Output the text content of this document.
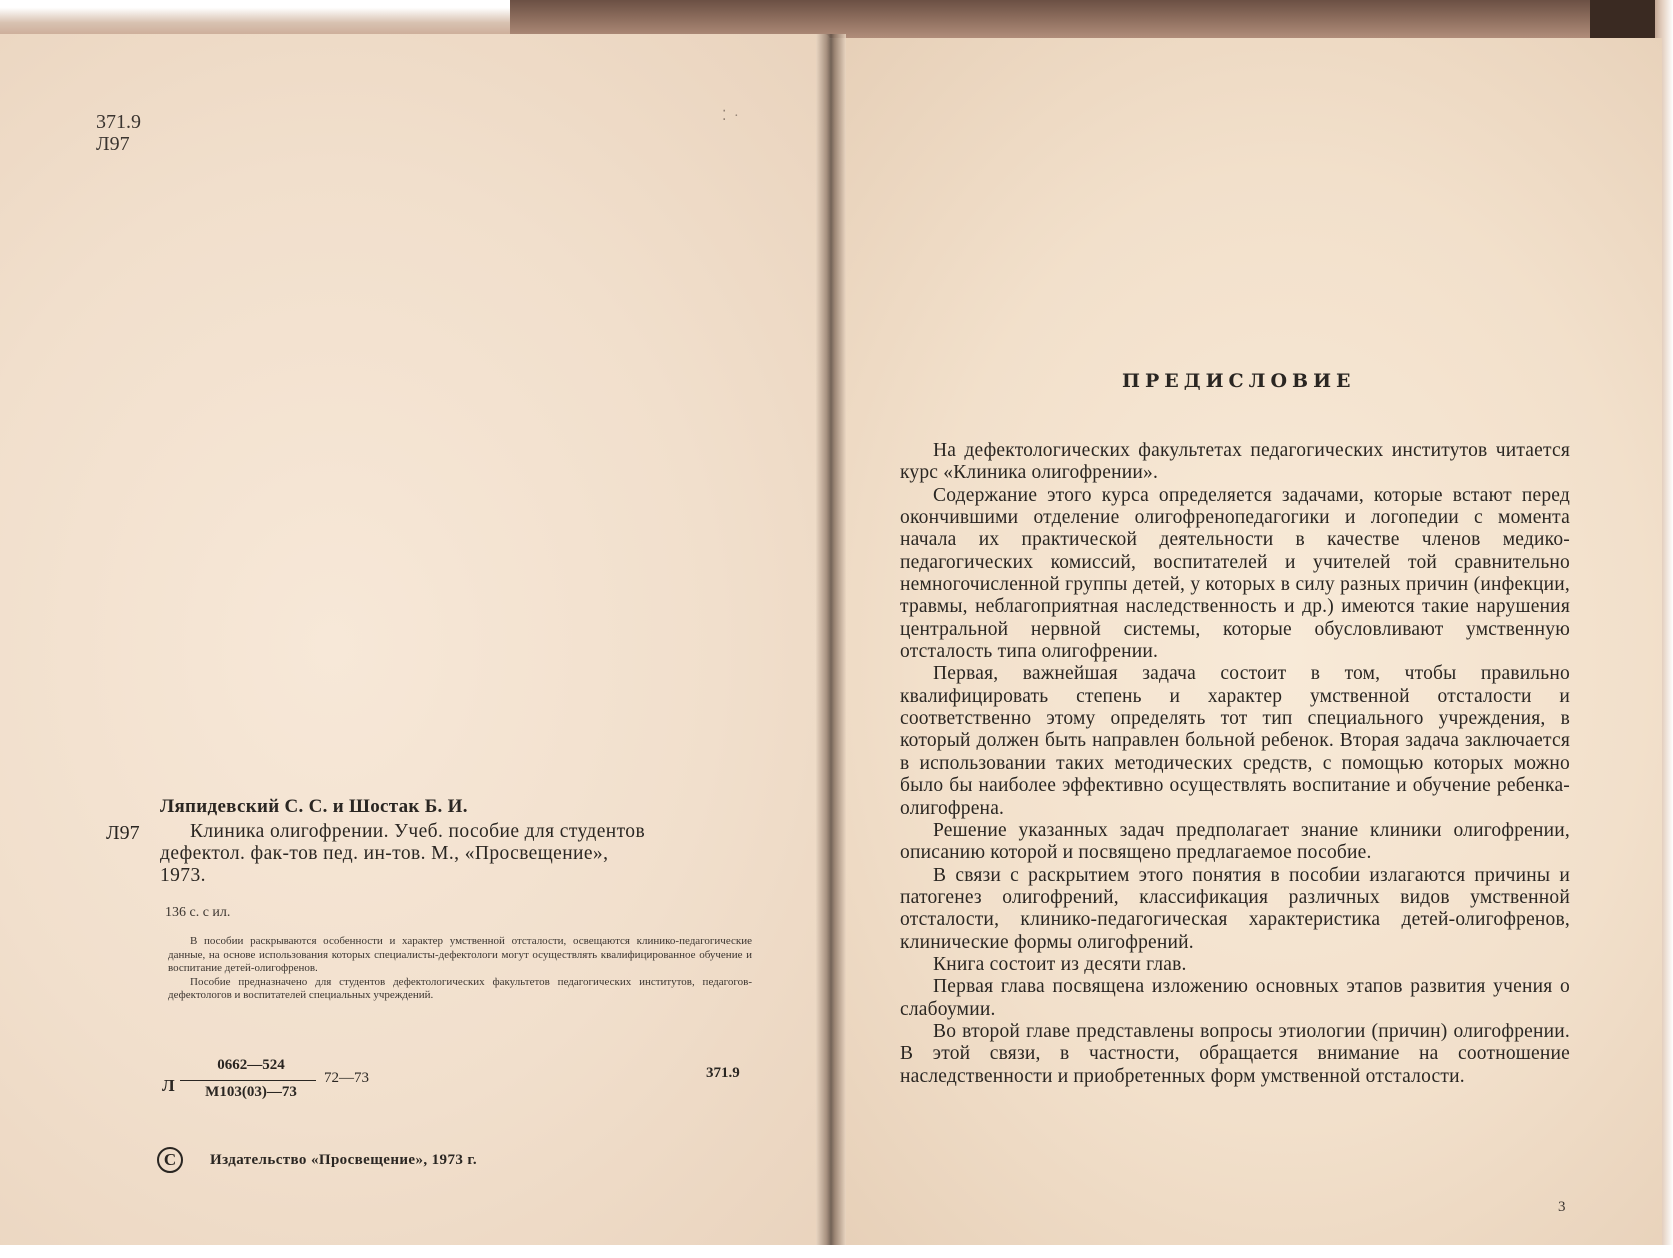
371.9
Л97
⁚ ·
Ляпидевский С. С. и Шостак Б. И.
Л97	Клиника олигофрении. Учеб. пособие для студентов
дефектол. фак-тов пед. ин-тов. М., «Просвещение»,
1973.
136 с. с ил.

В пособии раскрываются особенности и характер умственной отсталости, освещаются клинико-педагогические данные, на основе использования которых специалисты-дефектологи могут осуществлять квалифицированное обучение и воспитание детей-олигофренов.

Пособие предназначено для студентов дефектологических факультетов педагогических институтов, педагогов-дефектологов и воспитателей специальных учреждений.

Л
0662—524
М103(03)—73
72—73	371.9
C	Издательство «Просвещение», 1973 г.
ПРЕДИСЛОВИЕ

На дефектологических факультетах педагогических институтов читается курс «Клиника олигофрении».

Содержание этого курса определяется задачами, которые встают перед окончившими отделение олигофренопедагогики и логопедии с момента начала их практической деятельности в качестве членов медико-педагогических комиссий, воспитателей и учителей той сравнительно немногочисленной группы детей, у которых в силу разных причин (инфекции, травмы, неблагоприятная наследственность и др.) имеются такие нарушения центральной нервной системы, которые обусловливают умственную отсталость типа олигофрении.

Первая, важнейшая задача состоит в том, чтобы правильно квалифицировать степень и характер умственной отсталости и соответственно этому определять тот тип специального учреждения, в который должен быть направлен больной ребенок. Вторая задача заключается в использовании таких методических средств, с помощью которых можно было бы наиболее эффективно осуществлять воспитание и обучение ребенка-олигофрена.

Решение указанных задач предполагает знание клиники олигофрении, описанию которой и посвящено предлагаемое пособие.

В связи с раскрытием этого понятия в пособии излагаются причины и патогенез олигофрений, классификация различных видов умственной отсталости, клинико-педагогическая характеристика детей-олигофренов, клинические формы олигофрений.

Книга состоит из десяти глав.

Первая глава посвящена изложению основных этапов развития учения о слабоумии.

Во второй главе представлены вопросы этиологии (причин) олигофрении. В этой связи, в частности, обращается внимание на соотношение наследственности и приобретенных форм умственной отсталости.

3
